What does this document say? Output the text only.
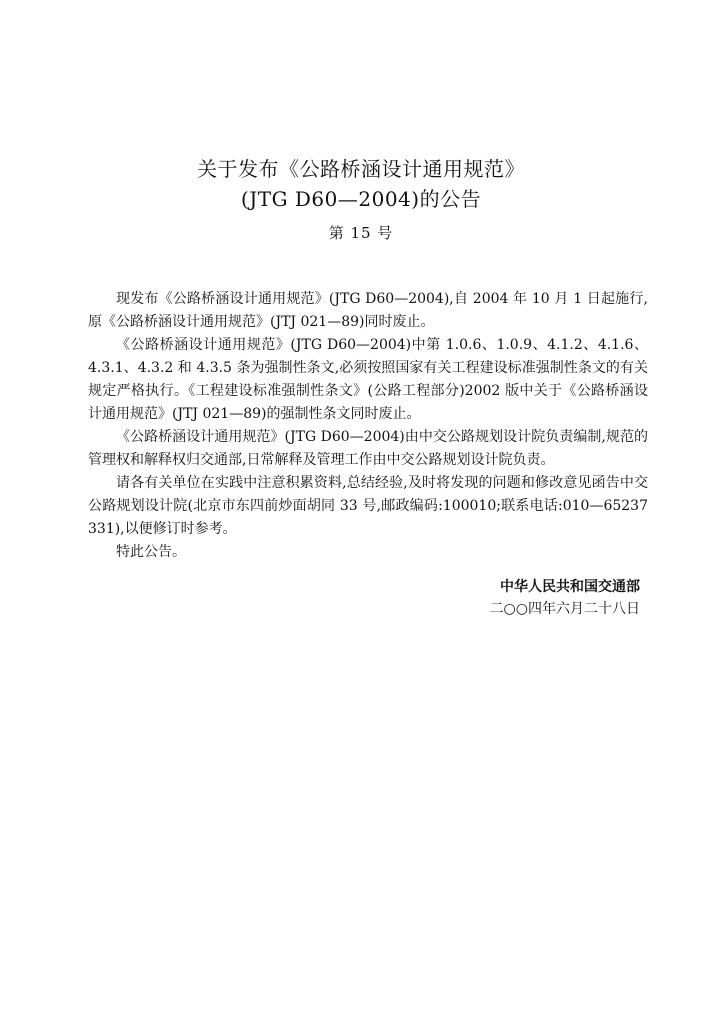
关于发布《公路桥涵设计通用规范》
(JTG D60—2004)的公告
第 15 号

现发布《公路桥涵设计通用规范》(JTG D60—2004),自 2004 年 10 月 1 日起施行,原《公路桥涵设计通用规范》(JTJ 021—89)同时废止。

《公路桥涵设计通用规范》(JTG D60—2004)中第 1.0.6、1.0.9、4.1.2、4.1.6、4.3.1、4.3.2 和 4.3.5 条为强制性条文,必须按照国家有关工程建设标准强制性条文的有关规定严格执行。《工程建设标准强制性条文》(公路工程部分)2002 版中关于《公路桥涵设计通用规范》(JTJ 021—89)的强制性条文同时废止。

《公路桥涵设计通用规范》(JTG D60—2004)由中交公路规划设计院负责编制,规范的管理权和解释权归交通部,日常解释及管理工作由中交公路规划设计院负责。

请各有关单位在实践中注意积累资料,总结经验,及时将发现的问题和修改意见函告中交公路规划设计院(北京市东四前炒面胡同 33 号,邮政编码:100010;联系电话:010—65237331),以便修订时参考。

特此公告。

中华人民共和国交通部
二○○四年六月二十八日
